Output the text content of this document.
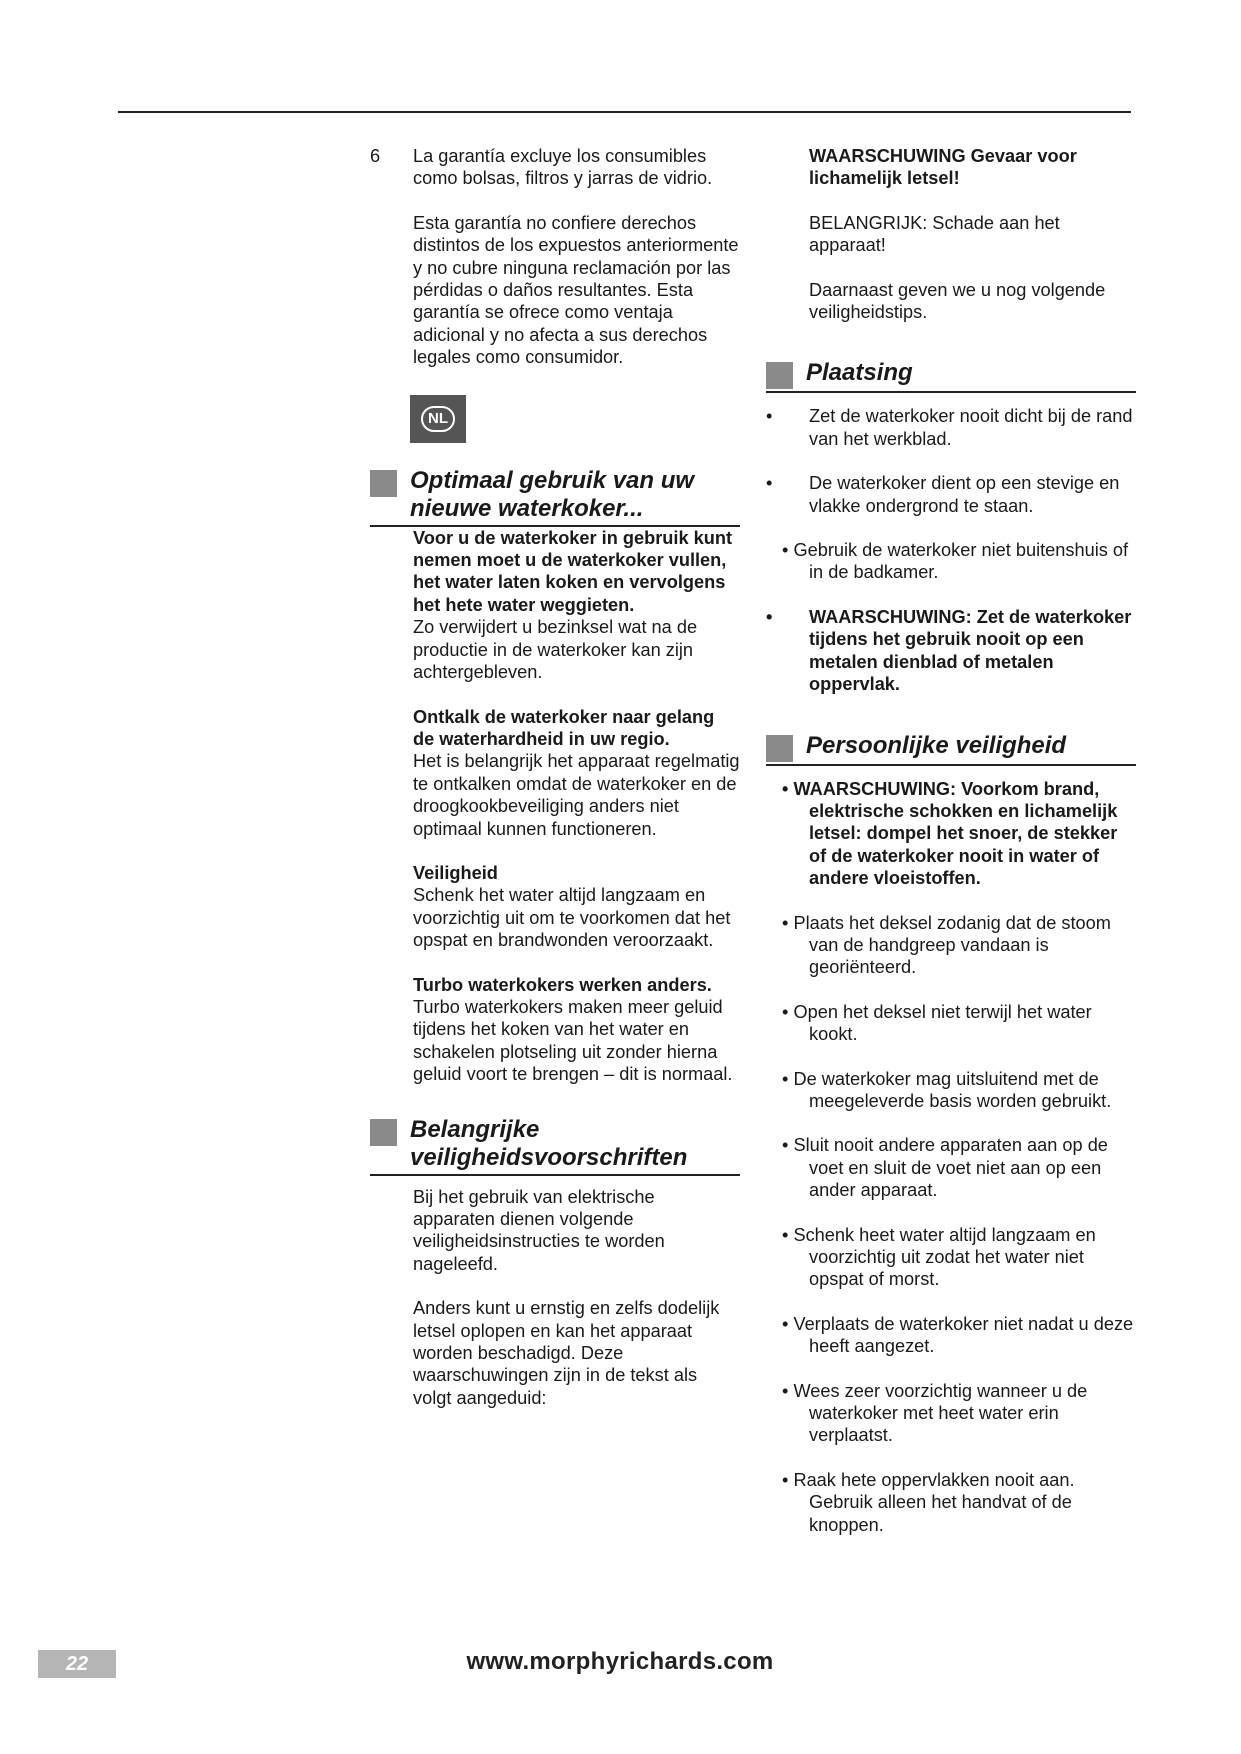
6	La garantía excluye los consumibles como bolsas, filtros y jarras de vidrio.

Esta garantía no confiere derechos distintos de los expuestos anteriormente y no cubre ninguna reclamación por las pérdidas o daños resultantes. Esta garantía se ofrece como ventaja adicional y no afecta a sus derechos legales como consumidor.

NL
Optimaal gebruik van uw nieuwe waterkoker...

Voor u de waterkoker in gebruik kunt nemen moet u de waterkoker vullen, het water laten koken en vervolgens het hete water weggieten.

Zo verwijdert u bezinksel wat na de productie in de waterkoker kan zijn achtergebleven.

Ontkalk de waterkoker naar gelang de waterhardheid in uw regio.

Het is belangrijk het apparaat regelmatig te ontkalken omdat de waterkoker en de droogkookbeveiliging anders niet optimaal kunnen functioneren.

Veiligheid

Schenk het water altijd langzaam en voorzichtig uit om te voorkomen dat het opspat en brandwonden veroorzaakt.

Turbo waterkokers werken anders.

Turbo waterkokers maken meer geluid tijdens het koken van het water en schakelen plotseling uit zonder hierna geluid voort te brengen – dit is normaal.

Belangrijke veiligheidsvoorschriften

Bij het gebruik van elektrische apparaten dienen volgende veiligheidsinstructies te worden nageleefd.

Anders kunt u ernstig en zelfs dodelijk letsel oplopen en kan het apparaat worden beschadigd. Deze waarschuwingen zijn in de tekst als volgt aangeduid:

WAARSCHUWING Gevaar voor lichamelijk letsel!

BELANGRIJK: Schade aan het apparaat!

Daarnaast geven we u nog volgende veiligheidstips.

Plaatsing
•	Zet de waterkoker nooit dicht bij de rand van het werkblad.

•	De waterkoker dient op een stevige en vlakke ondergrond te staan.

• Gebruik de waterkoker niet buitenshuis of in de badkamer.

•	WAARSCHUWING: Zet de waterkoker tijdens het gebruik nooit op een metalen dienblad of metalen oppervlak.

Persoonlijke veiligheid

• WAARSCHUWING: Voorkom brand, elektrische schokken en lichamelijk letsel: dompel het snoer, de stekker of de waterkoker nooit in water of andere vloeistoffen.

• Plaats het deksel zodanig dat de stoom van de handgreep vandaan is georiënteerd.

• Open het deksel niet terwijl het water kookt.

• De waterkoker mag uitsluitend met de meegeleverde basis worden gebruikt.

• Sluit nooit andere apparaten aan op de voet en sluit de voet niet aan op een ander apparaat.

• Schenk heet water altijd langzaam en voorzichtig uit zodat het water niet opspat of morst.

• Verplaats de waterkoker niet nadat u deze heeft aangezet.

• Wees zeer voorzichtig wanneer u de waterkoker met heet water erin verplaatst.

• Raak hete oppervlakken nooit aan. Gebruik alleen het handvat of de knoppen.

22	www.morphyrichards.com
